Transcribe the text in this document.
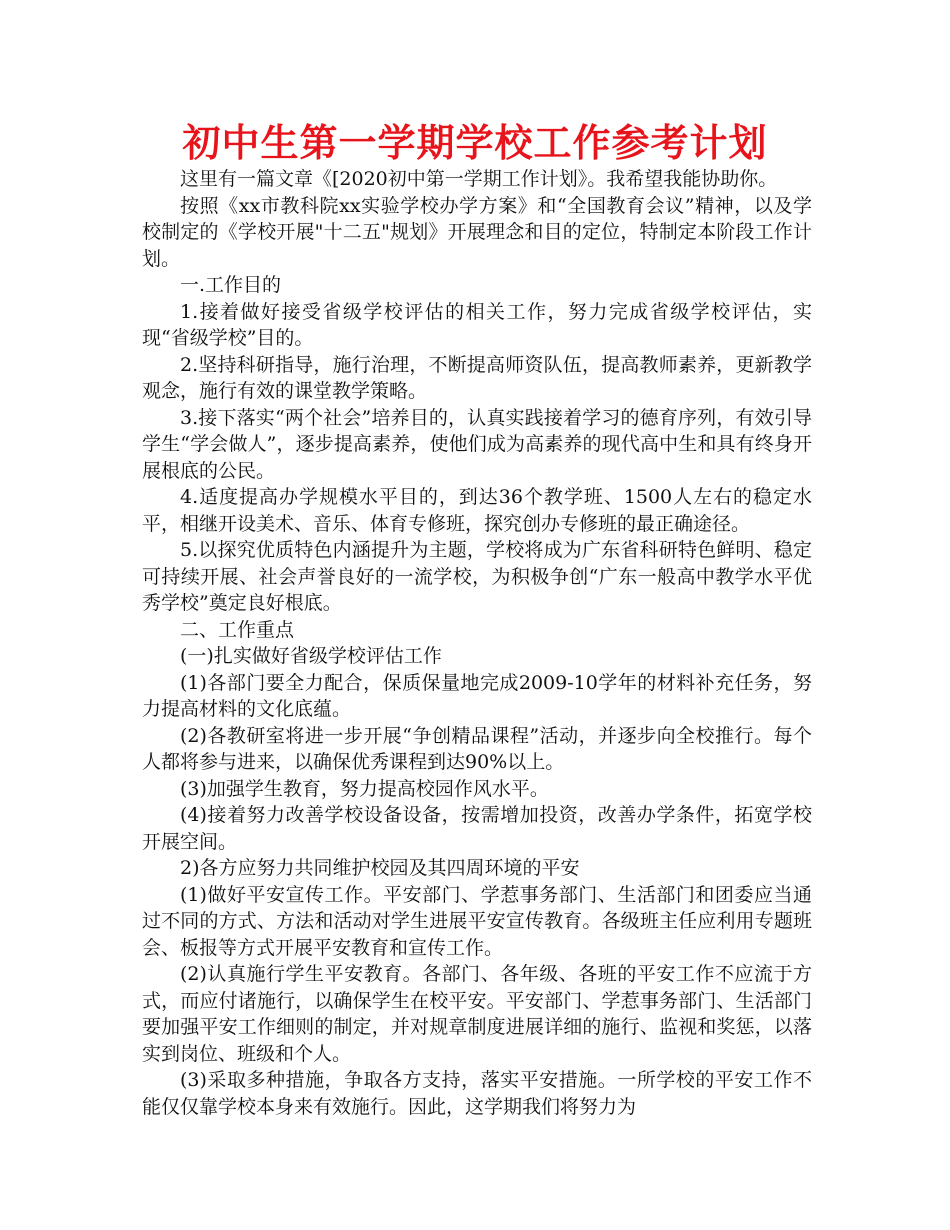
初中生第一学期学校工作参考计划

这里有一篇文章《[2020初中第一学期工作计划》。我希望我能协助你。

按照《xx市教科院xx实验学校办学方案》和“全国教育会议”精神，以及学校制定的《学校开展"十二五"规划》开展理念和目的定位，特制定本阶段工作计划。

一.工作目的

1.接着做好接受省级学校评估的相关工作，努力完成省级学校评估，实现“省级学校”目的。

2.坚持科研指导，施行治理，不断提高师资队伍，提高教师素养，更新教学观念，施行有效的课堂教学策略。

3.接下落实“两个社会”培养目的，认真实践接着学习的德育序列，有效引导学生“学会做人”，逐步提高素养，使他们成为高素养的现代高中生和具有终身开展根底的公民。

4.适度提高办学规模水平目的，到达36个教学班、1500人左右的稳定水平，相继开设美术、音乐、体育专修班，探究创办专修班的最正确途径。

5.以探究优质特色内涵提升为主题，学校将成为广东省科研特色鲜明、稳定可持续开展、社会声誉良好的一流学校，为积极争创“广东一般高中教学水平优秀学校”奠定良好根底。

二、工作重点

(一)扎实做好省级学校评估工作

(1)各部门要全力配合，保质保量地完成2009-10学年的材料补充任务，努力提高材料的文化底蕴。

(2)各教研室将进一步开展“争创精品课程”活动，并逐步向全校推行。每个人都将参与进来，以确保优秀课程到达90%以上。

(3)加强学生教育，努力提高校园作风水平。

(4)接着努力改善学校设备设备，按需增加投资，改善办学条件，拓宽学校开展空间。

2)各方应努力共同维护校园及其四周环境的平安

(1)做好平安宣传工作。平安部门、学惹事务部门、生活部门和团委应当通过不同的方式、方法和活动对学生进展平安宣传教育。各级班主任应利用专题班会、板报等方式开展平安教育和宣传工作。

(2)认真施行学生平安教育。各部门、各年级、各班的平安工作不应流于方式，而应付诸施行，以确保学生在校平安。平安部门、学惹事务部门、生活部门要加强平安工作细则的制定，并对规章制度进展详细的施行、监视和奖惩，以落实到岗位、班级和个人。

(3)采取多种措施，争取各方支持，落实平安措施。一所学校的平安工作不能仅仅靠学校本身来有效施行。因此，这学期我们将努力为
